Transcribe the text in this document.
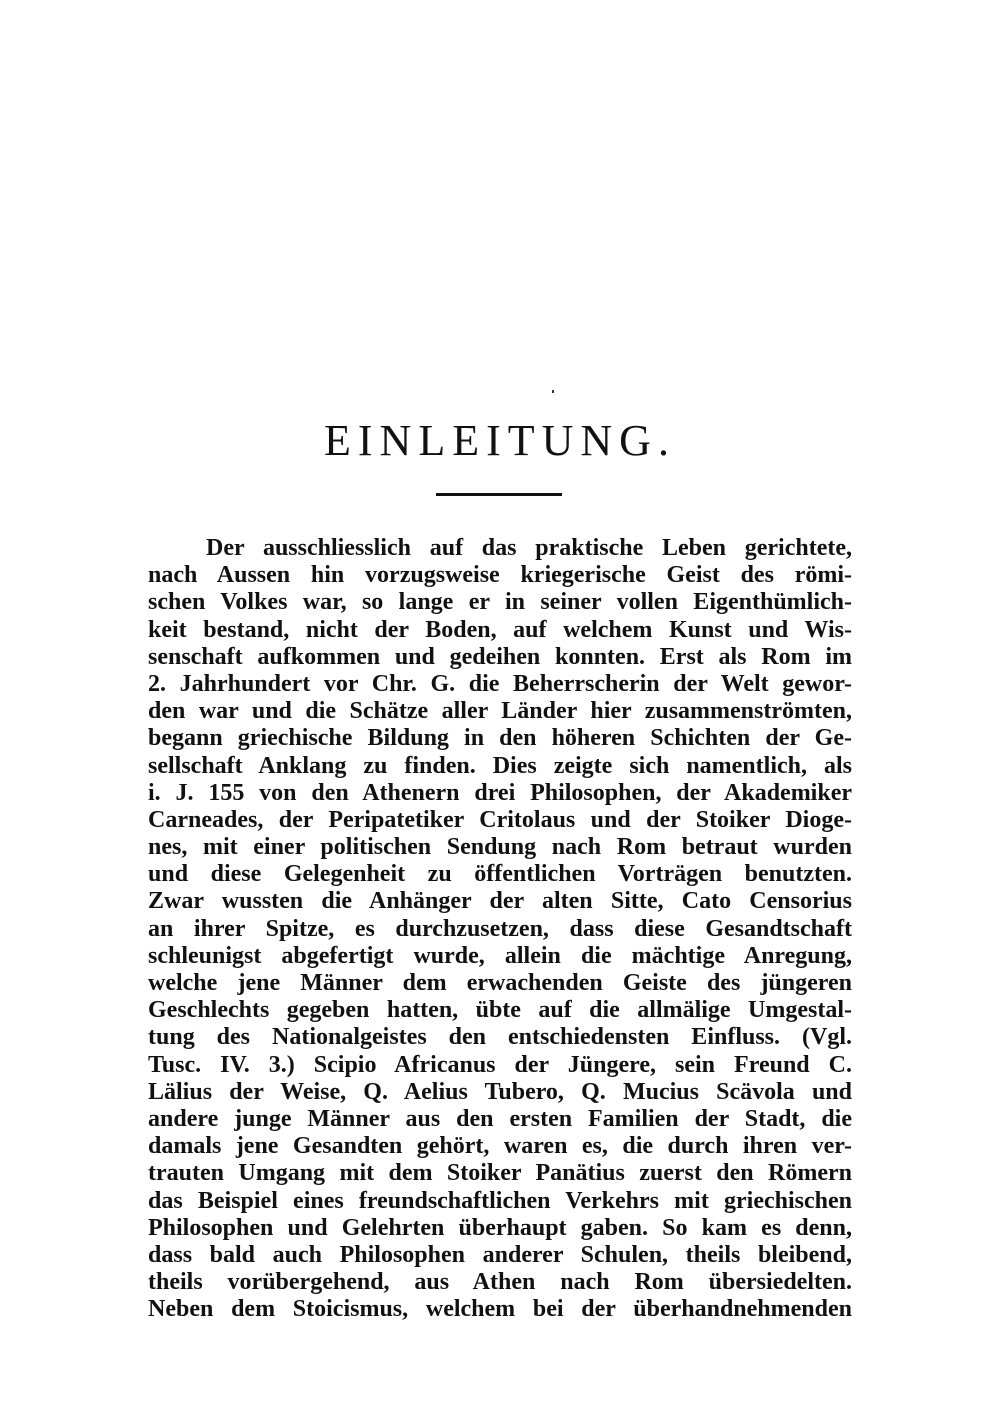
EINLEITUNG.
Der ausschliesslich auf das praktische Leben gerichtete,
nach Aussen hin vorzugsweise kriegerische Geist des römi-
schen Volkes war, so lange er in seiner vollen Eigenthümlich-
keit bestand, nicht der Boden, auf welchem Kunst und Wis-
senschaft aufkommen und gedeihen konnten. Erst als Rom im
2. Jahrhundert vor Chr. G. die Beherrscherin der Welt gewor-
den war und die Schätze aller Länder hier zusammenströmten,
begann griechische Bildung in den höheren Schichten der Ge-
sellschaft Anklang zu finden. Dies zeigte sich namentlich, als
i. J. 155 von den Athenern drei Philosophen, der Akademiker
Carneades, der Peripatetiker Critolaus und der Stoiker Dioge-
nes, mit einer politischen Sendung nach Rom betraut wurden
und diese Gelegenheit zu öffentlichen Vorträgen benutzten.
Zwar wussten die Anhänger der alten Sitte, Cato Censorius
an ihrer Spitze, es durchzusetzen, dass diese Gesandtschaft
schleunigst abgefertigt wurde, allein die mächtige Anregung,
welche jene Männer dem erwachenden Geiste des jüngeren
Geschlechts gegeben hatten, übte auf die allmälige Umgestal-
tung des Nationalgeistes den entschiedensten Einfluss. (Vgl.
Tusc. IV. 3.) Scipio Africanus der Jüngere, sein Freund C.
Lälius der Weise, Q. Aelius Tubero, Q. Mucius Scävola und
andere junge Männer aus den ersten Familien der Stadt, die
damals jene Gesandten gehört, waren es, die durch ihren ver-
trauten Umgang mit dem Stoiker Panätius zuerst den Römern
das Beispiel eines freundschaftlichen Verkehrs mit griechischen
Philosophen und Gelehrten überhaupt gaben. So kam es denn,
dass bald auch Philosophen anderer Schulen, theils bleibend,
theils vorübergehend, aus Athen nach Rom übersiedelten.
Neben dem Stoicismus, welchem bei der überhandnehmenden
